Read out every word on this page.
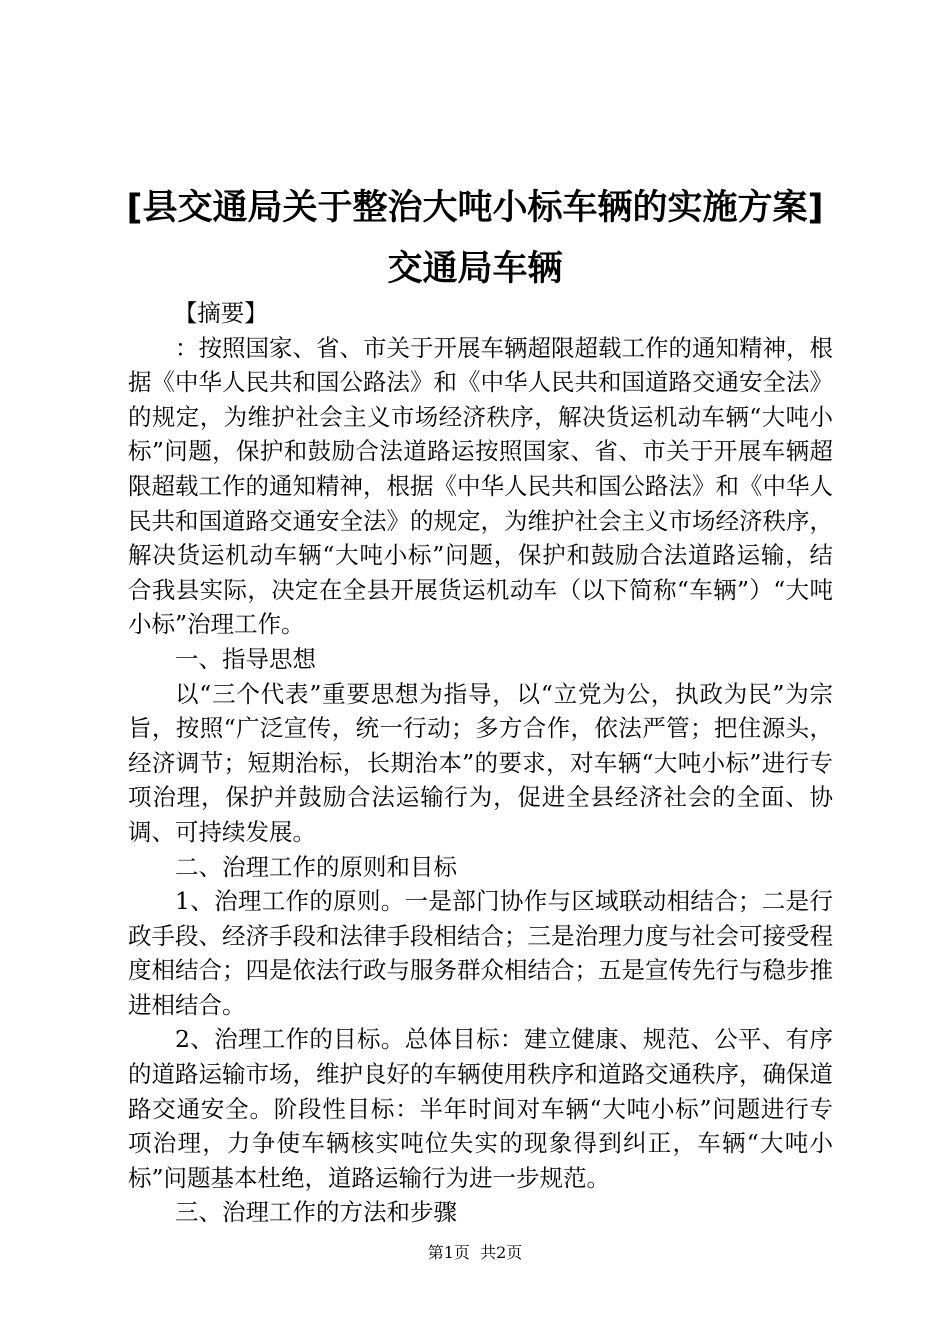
[县交通局关于整治大吨小标车辆的实施方案]
交通局车辆

【摘要】

：按照国家、省、市关于开展车辆超限超载工作的通知精神，根据《中华人民共和国公路法》和《中华人民共和国道路交通安全法》的规定，为维护社会主义市场经济秩序，解决货运机动车辆“大吨小标”问题，保护和鼓励合法道路运按照国家、省、市关于开展车辆超限超载工作的通知精神，根据《中华人民共和国公路法》和《中华人民共和国道路交通安全法》的规定，为维护社会主义市场经济秩序，解决货运机动车辆“大吨小标”问题，保护和鼓励合法道路运输，结合我县实际，决定在全县开展货运机动车（以下简称“车辆”）“大吨小标”治理工作。

一、指导思想

以“三个代表”重要思想为指导，以“立党为公，执政为民”为宗旨，按照“广泛宣传，统一行动；多方合作，依法严管；把住源头，经济调节；短期治标，长期治本”的要求，对车辆“大吨小标”进行专项治理，保护并鼓励合法运输行为，促进全县经济社会的全面、协调、可持续发展。

二、治理工作的原则和目标

1、治理工作的原则。一是部门协作与区域联动相结合；二是行政手段、经济手段和法律手段相结合；三是治理力度与社会可接受程度相结合；四是依法行政与服务群众相结合；五是宣传先行与稳步推进相结合。

2、治理工作的目标。总体目标：建立健康、规范、公平、有序的道路运输市场，维护良好的车辆使用秩序和道路交通秩序，确保道路交通安全。阶段性目标：半年时间对车辆“大吨小标”问题进行专项治理，力争使车辆核实吨位失实的现象得到纠正，车辆“大吨小标”问题基本杜绝，道路运输行为进一步规范。

三、治理工作的方法和步骤

第1页  共2页
